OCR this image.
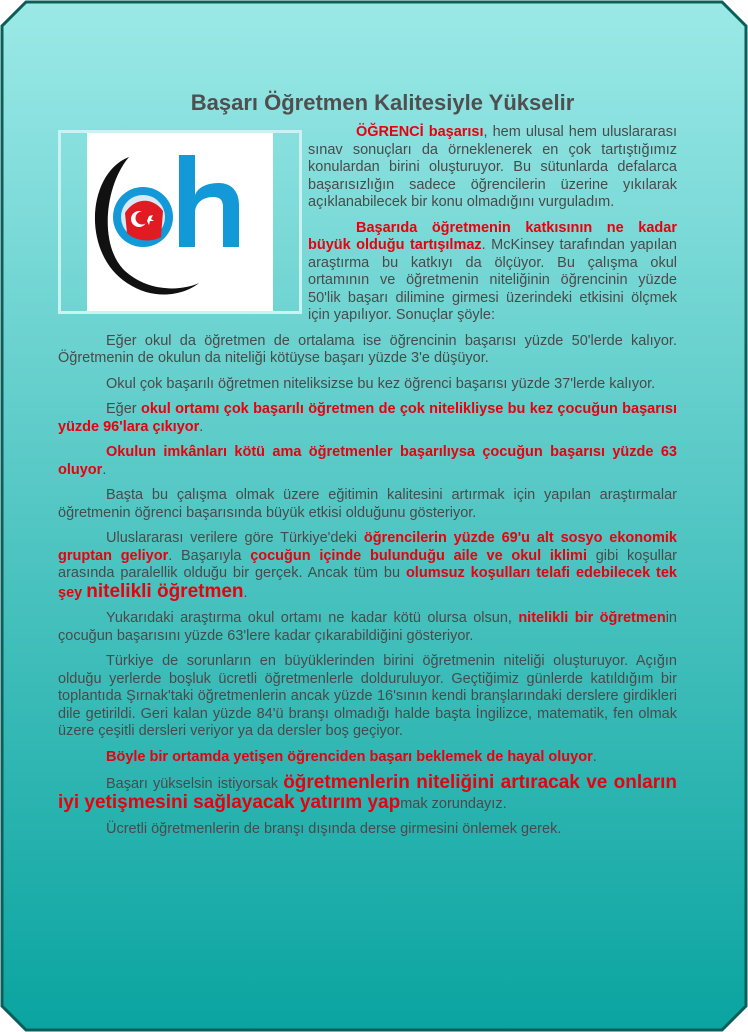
Başarı Öğretmen Kalitesiyle Yükselir

ÖĞRENCİ başarısı, hem ulusal hem uluslararası sınav sonuçları da örneklenerek en çok tartıştığımız konulardan birini oluşturuyor. Bu sütunlarda defalarca başarısızlığın sadece öğrencilerin üzerine yıkılarak açıklanabilecek bir konu olmadığını vurguladım.

Başarıda öğretmenin katkısının ne kadar büyük olduğu tartışılmaz. McKinsey tarafından yapılan araştırma bu katkıyı da ölçüyor. Bu çalışma okul ortamının ve öğretmenin niteliğinin öğrencinin yüzde 50'lik başarı dilimine girmesi üzerindeki etkisini ölçmek için yapılıyor. Sonuçlar şöyle:

Eğer okul da öğretmen de ortalama ise öğrencinin başarısı yüzde 50'lerde kalıyor. Öğretmenin de okulun da niteliği kötüyse başarı yüzde 3'e düşüyor.

Okul çok başarılı öğretmen niteliksizse bu kez öğrenci başarısı yüzde 37'lerde kalıyor.

Eğer okul ortamı çok başarılı öğretmen de çok nitelikliyse bu kez çocuğun başarısı yüzde 96'lara çıkıyor.

Okulun imkânları kötü ama öğretmenler başarılıysa çocuğun başarısı yüzde 63 oluyor.

Başta bu çalışma olmak üzere eğitimin kalitesini artırmak için yapılan araştırmalar öğretmenin öğrenci başarısında büyük etkisi olduğunu gösteriyor.

Uluslararası verilere göre Türkiye'deki öğrencilerin yüzde 69'u alt sosyo ekonomik gruptan geliyor. Başarıyla çocuğun içinde bulunduğu aile ve okul iklimi gibi koşullar arasında paralellik olduğu bir gerçek. Ancak tüm bu olumsuz koşulları telafi edebilecek tek şey nitelikli öğretmen.

Yukarıdaki araştırma okul ortamı ne kadar kötü olursa olsun, nitelikli bir öğretmenin çocuğun başarısını yüzde 63'lere kadar çıkarabildiğini gösteriyor.

Türkiye de sorunların en büyüklerinden birini öğretmenin niteliği oluşturuyor. Açığın olduğu yerlerde boşluk ücretli öğretmenlerle dolduruluyor. Geçtiğimiz günlerde katıldığım bir toplantıda Şırnak'taki öğretmenlerin ancak yüzde 16'sının kendi branşlarındaki derslere girdikleri dile getirildi. Geri kalan yüzde 84'ü branşı olmadığı halde başta İngilizce, matematik, fen olmak üzere çeşitli dersleri veriyor ya da dersler boş geçiyor.

Böyle bir ortamda yetişen öğrenciden başarı beklemek de hayal oluyor.

Başarı yükselsin istiyorsak öğretmenlerin niteliğini artıracak ve onların iyi yetişmesini sağlayacak yatırım yapmak zorundayız.

Ücretli öğretmenlerin de branşı dışında derse girmesini önlemek gerek.
